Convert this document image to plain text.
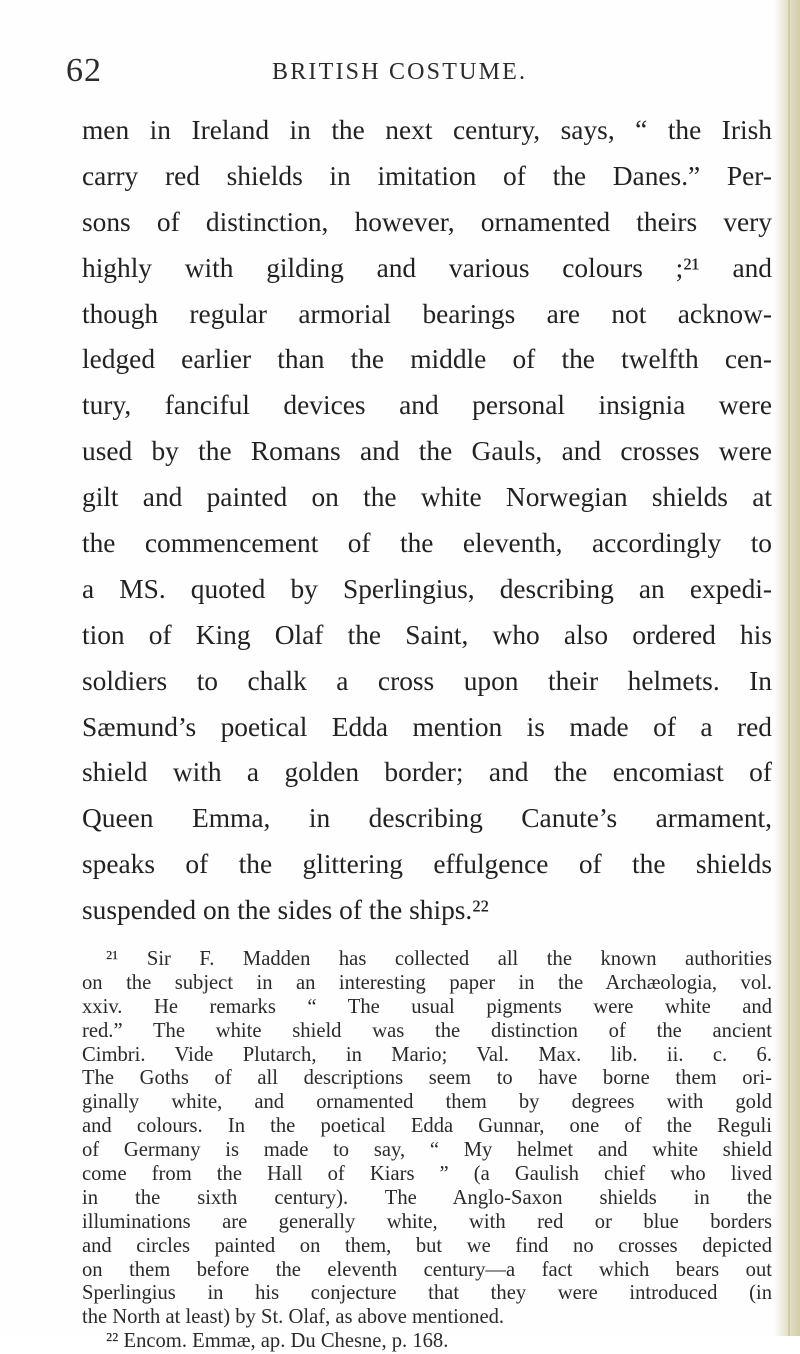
62	BRITISH COSTUME.
men in Ireland in the next century, says, “ the Irish
carry red shields in imitation of the Danes.” Per-
sons of distinction, however, ornamented theirs very
highly with gilding and various colours ;²¹ and
though regular armorial bearings are not acknow-
ledged earlier than the middle of the twelfth cen-
tury, fanciful devices and personal insignia were
used by the Romans and the Gauls, and crosses were
gilt and painted on the white Norwegian shields at
the commencement of the eleventh, accordingly to
a MS. quoted by Sperlingius, describing an expedi-
tion of King Olaf the Saint, who also ordered his
soldiers to chalk a cross upon their helmets. In
Sæmund’s poetical Edda mention is made of a red
shield with a golden border; and the encomiast of
Queen Emma, in describing Canute’s armament,
speaks of the glittering effulgence of the shields
suspended on the sides of the ships.²²
²¹ Sir F. Madden has collected all the known authorities
on the subject in an interesting paper in the Archæologia, vol.
xxiv. He remarks “ The usual pigments were white and
red.” The white shield was the distinction of the ancient
Cimbri. Vide Plutarch, in Mario; Val. Max. lib. ii. c. 6.
The Goths of all descriptions seem to have borne them ori-
ginally white, and ornamented them by degrees with gold
and colours. In the poetical Edda Gunnar, one of the Reguli
of Germany is made to say, “ My helmet and white shield
come from the Hall of Kiars ” (a Gaulish chief who lived
in the sixth century). The Anglo-Saxon shields in the
illuminations are generally white, with red or blue borders
and circles painted on them, but we find no crosses depicted
on them before the eleventh century—a fact which bears out
Sperlingius in his conjecture that they were introduced (in
the North at least) by St. Olaf, as above mentioned.
²² Encom. Emmæ, ap. Du Chesne, p. 168.
